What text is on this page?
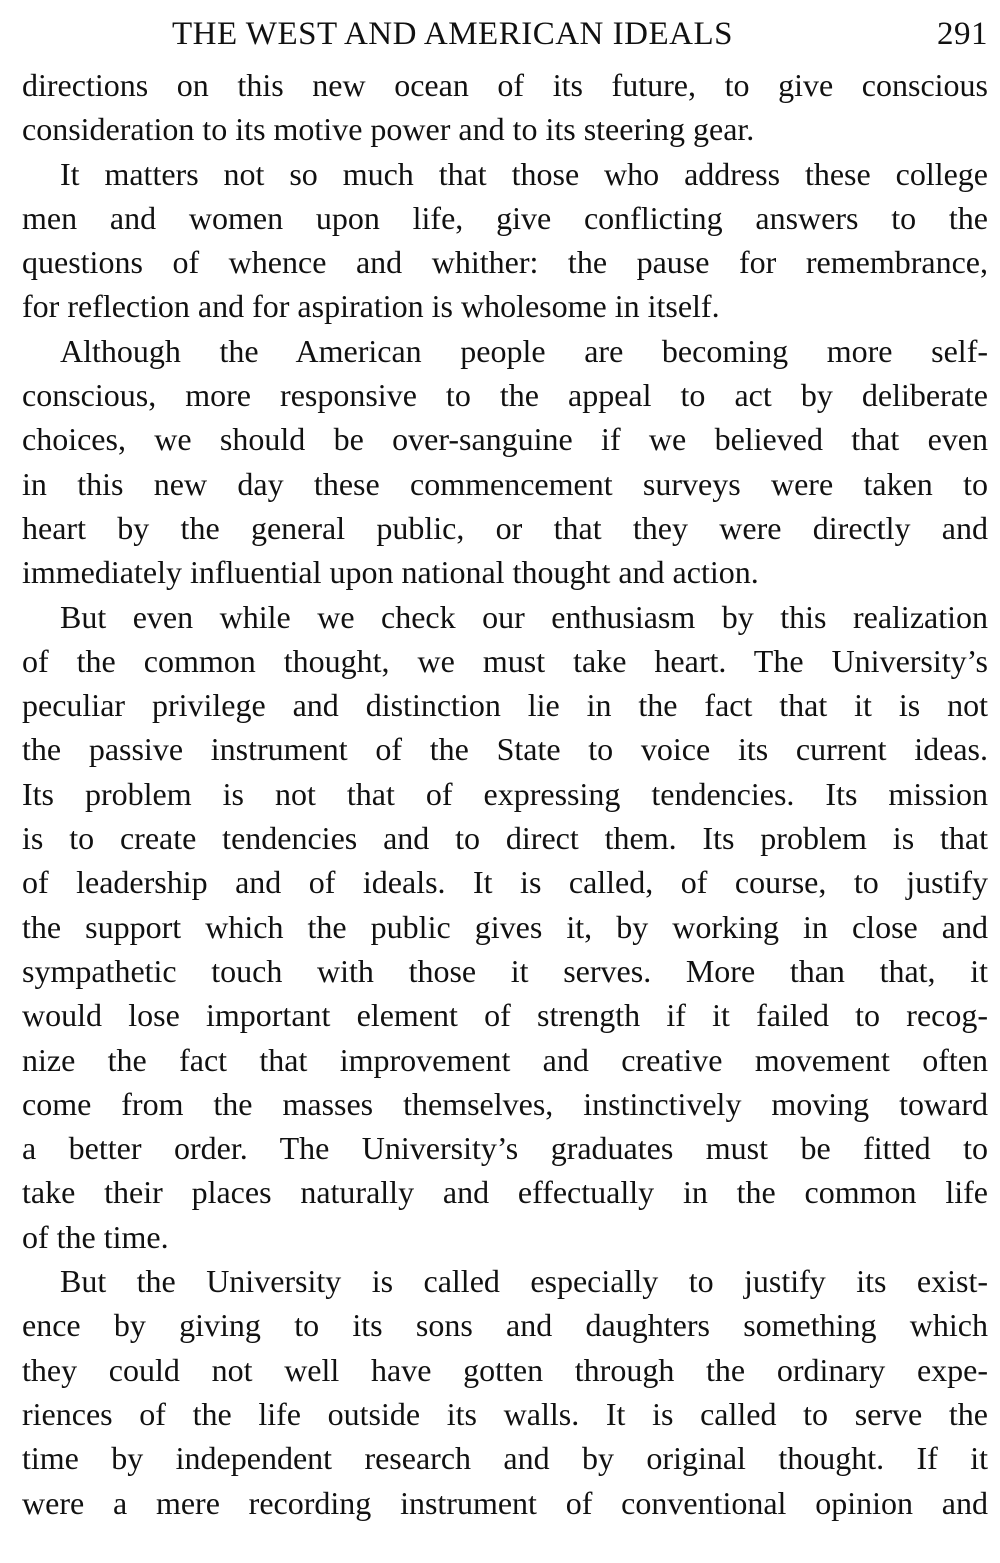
THE WEST AND AMERICAN IDEALS	291
directions on this new ocean of its future, to give conscious
consideration to its motive power and to its steering gear.
It matters not so much that those who address these college
men and women upon life, give conflicting answers to the
questions of whence and whither: the pause for remembrance,
for reflection and for aspiration is wholesome in itself.
Although the American people are becoming more self-
conscious, more responsive to the appeal to act by deliberate
choices, we should be over-sanguine if we believed that even
in this new day these commencement surveys were taken to
heart by the general public, or that they were directly and
immediately influential upon national thought and action.
But even while we check our enthusiasm by this realization
of the common thought, we must take heart. The University’s
peculiar privilege and distinction lie in the fact that it is not
the passive instrument of the State to voice its current ideas.
Its problem is not that of expressing tendencies. Its mission
is to create tendencies and to direct them. Its problem is that
of leadership and of ideals. It is called, of course, to justify
the support which the public gives it, by working in close and
sympathetic touch with those it serves. More than that, it
would lose important element of strength if it failed to recog-
nize the fact that improvement and creative movement often
come from the masses themselves, instinctively moving toward
a better order. The University’s graduates must be fitted to
take their places naturally and effectually in the common life
of the time.
But the University is called especially to justify its exist-
ence by giving to its sons and daughters something which
they could not well have gotten through the ordinary expe-
riences of the life outside its walls. It is called to serve the
time by independent research and by original thought. If it
were a mere recording instrument of conventional opinion and
